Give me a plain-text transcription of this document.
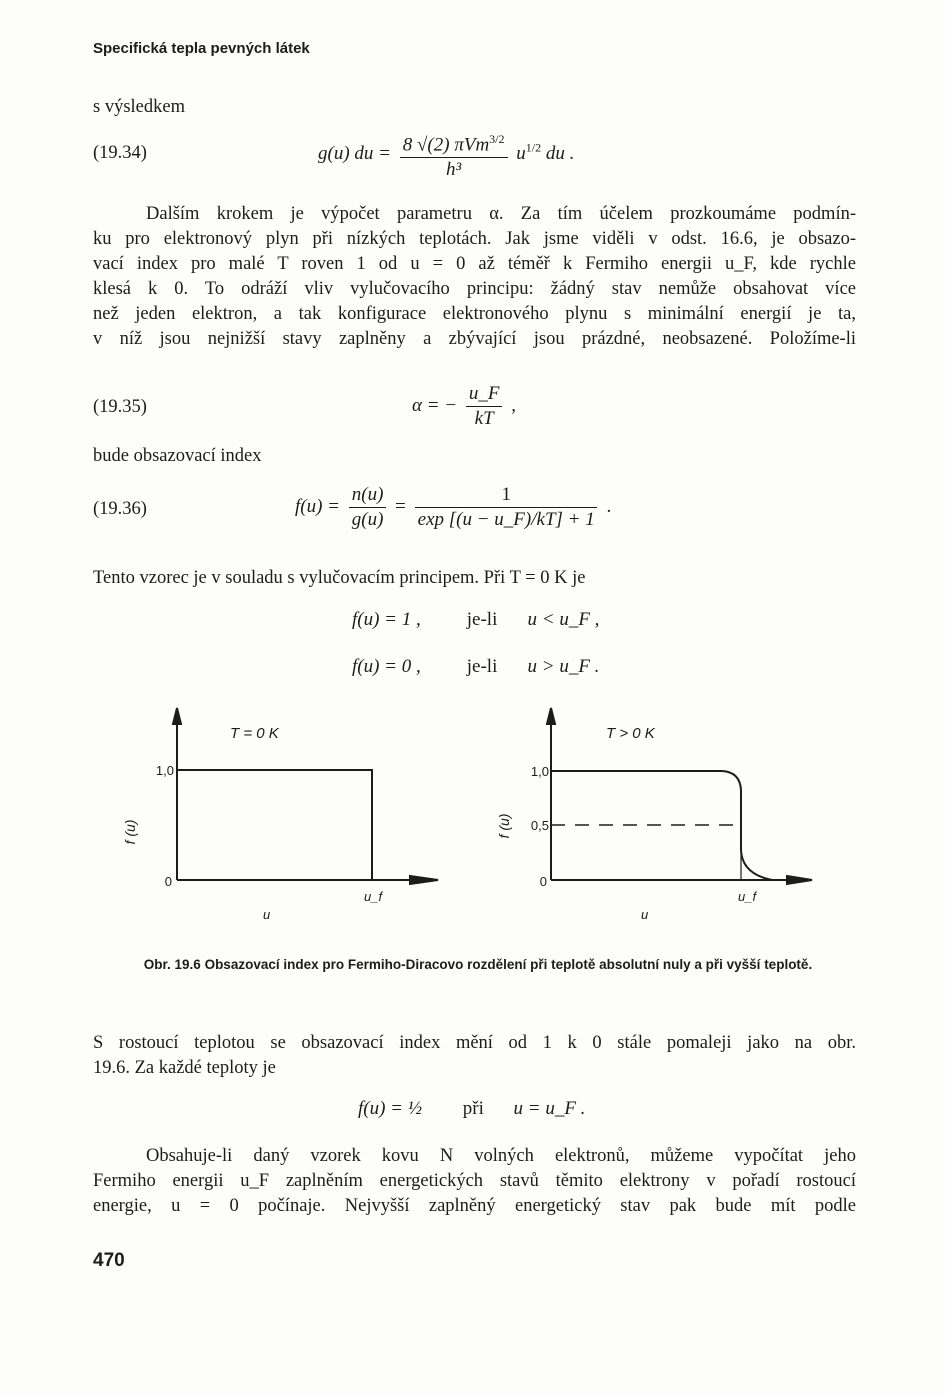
Specifická tepla pevných látek
s výsledkem
(19.34)	g(u) du = $\frac{8 √(2) \pi Vm^{3/2}}{\text{h³}} u^{1/2}$ du .
Dalším krokem je výpočet parametru α. Za tím účelem prozkoumáme podmín-
ku pro elektronový plyn při nízkých teplotách. Jak jsme viděli v odst. 16.6, je obsazo-
vací index pro malé T roven 1 od u = 0 až téměř k Fermiho energii u_F, kde rychle
klesá k 0. To odráží vliv vylučovacího principu: žádný stav nemůže obsahovat více
než jeden elektron, a tak konfigurace elektronového plynu s minimální energií je ta,
v níž jsou nejnižší stavy zaplněny a zbývající jsou prázdné, neobsazené. Položíme-li
(19.35)	α = − $\frac{u\_F}{kT}$ ,
bude obsazovací index
(19.36)	$f(u) = \frac{n(u)}{g(u)} = \frac{1}{\exp [(u - u\_F)/kT] + 1}$ .
Tento vzorec je v souladu s vylučovacím principem. Při T = 0 K je
f(u) = 1 , je-li u < u_F ,
f(u) = 0 , je-li u > u_F .
T = 0 K
1,0
0
f (u)
u_f
u
T > 0 K
1,0
0,5
0
f (u)
u_f
u
Obr. 19.6 Obsazovací index pro Fermiho-Diracovo rozdělení při teplotě absolutní nuly a při vyšší teplotě.
S rostoucí teplotou se obsazovací index mění od 1 k 0 stále pomaleji jako na obr.
19.6. Za každé teploty je
f(u) = ½ při u = u_F .
Obsahuje-li daný vzorek kovu N volných elektronů, můžeme vypočítat jeho
Fermiho energii u_F zaplněním energetických stavů těmito elektrony v pořadí rostoucí
energie, u = 0 počínaje. Nejvyšší zaplněný energetický stav pak bude mít podle
470
